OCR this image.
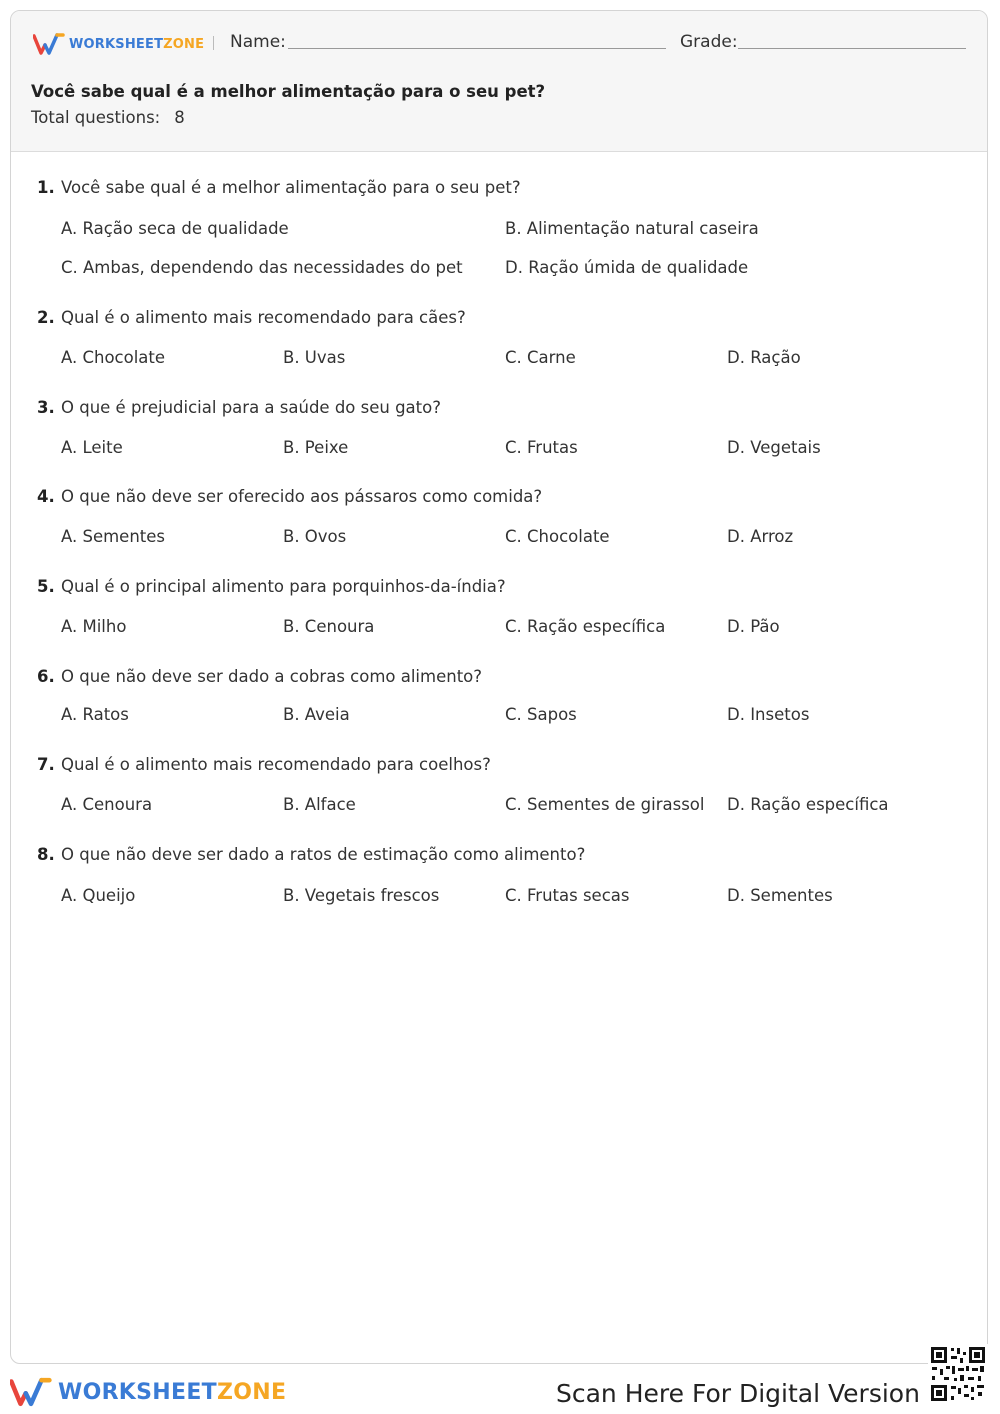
WORKSHEETZONE Name:	Grade:
Você sabe qual é a melhor alimentação para o seu pet?
Total questions: 8
1. Você sabe qual é a melhor alimentação para o seu pet?
A. Ração seca de qualidade	B. Alimentação natural caseira
C. Ambas, dependendo das necessidades do pet	D. Ração úmida de qualidade
2. Qual é o alimento mais recomendado para cães?
A. Chocolate	B. Uvas	C. Carne	D. Ração
3. O que é prejudicial para a saúde do seu gato?
A. Leite	B. Peixe	C. Frutas	D. Vegetais
4. O que não deve ser oferecido aos pássaros como comida?
A. Sementes	B. Ovos	C. Chocolate	D. Arroz
5. Qual é o principal alimento para porquinhos-da-índia?
A. Milho	B. Cenoura	C. Ração específica	D. Pão
6. O que não deve ser dado a cobras como alimento?
A. Ratos	B. Aveia	C. Sapos	D. Insetos
7. Qual é o alimento mais recomendado para coelhos?
A. Cenoura	B. Alface	C. Sementes de girassol D. Ração específica
8. O que não deve ser dado a ratos de estimação como alimento?
A. Queijo	B. Vegetais frescos	C. Frutas secas	D. Sementes
WORKSHEETZONE	Scan Here For Digital Version
